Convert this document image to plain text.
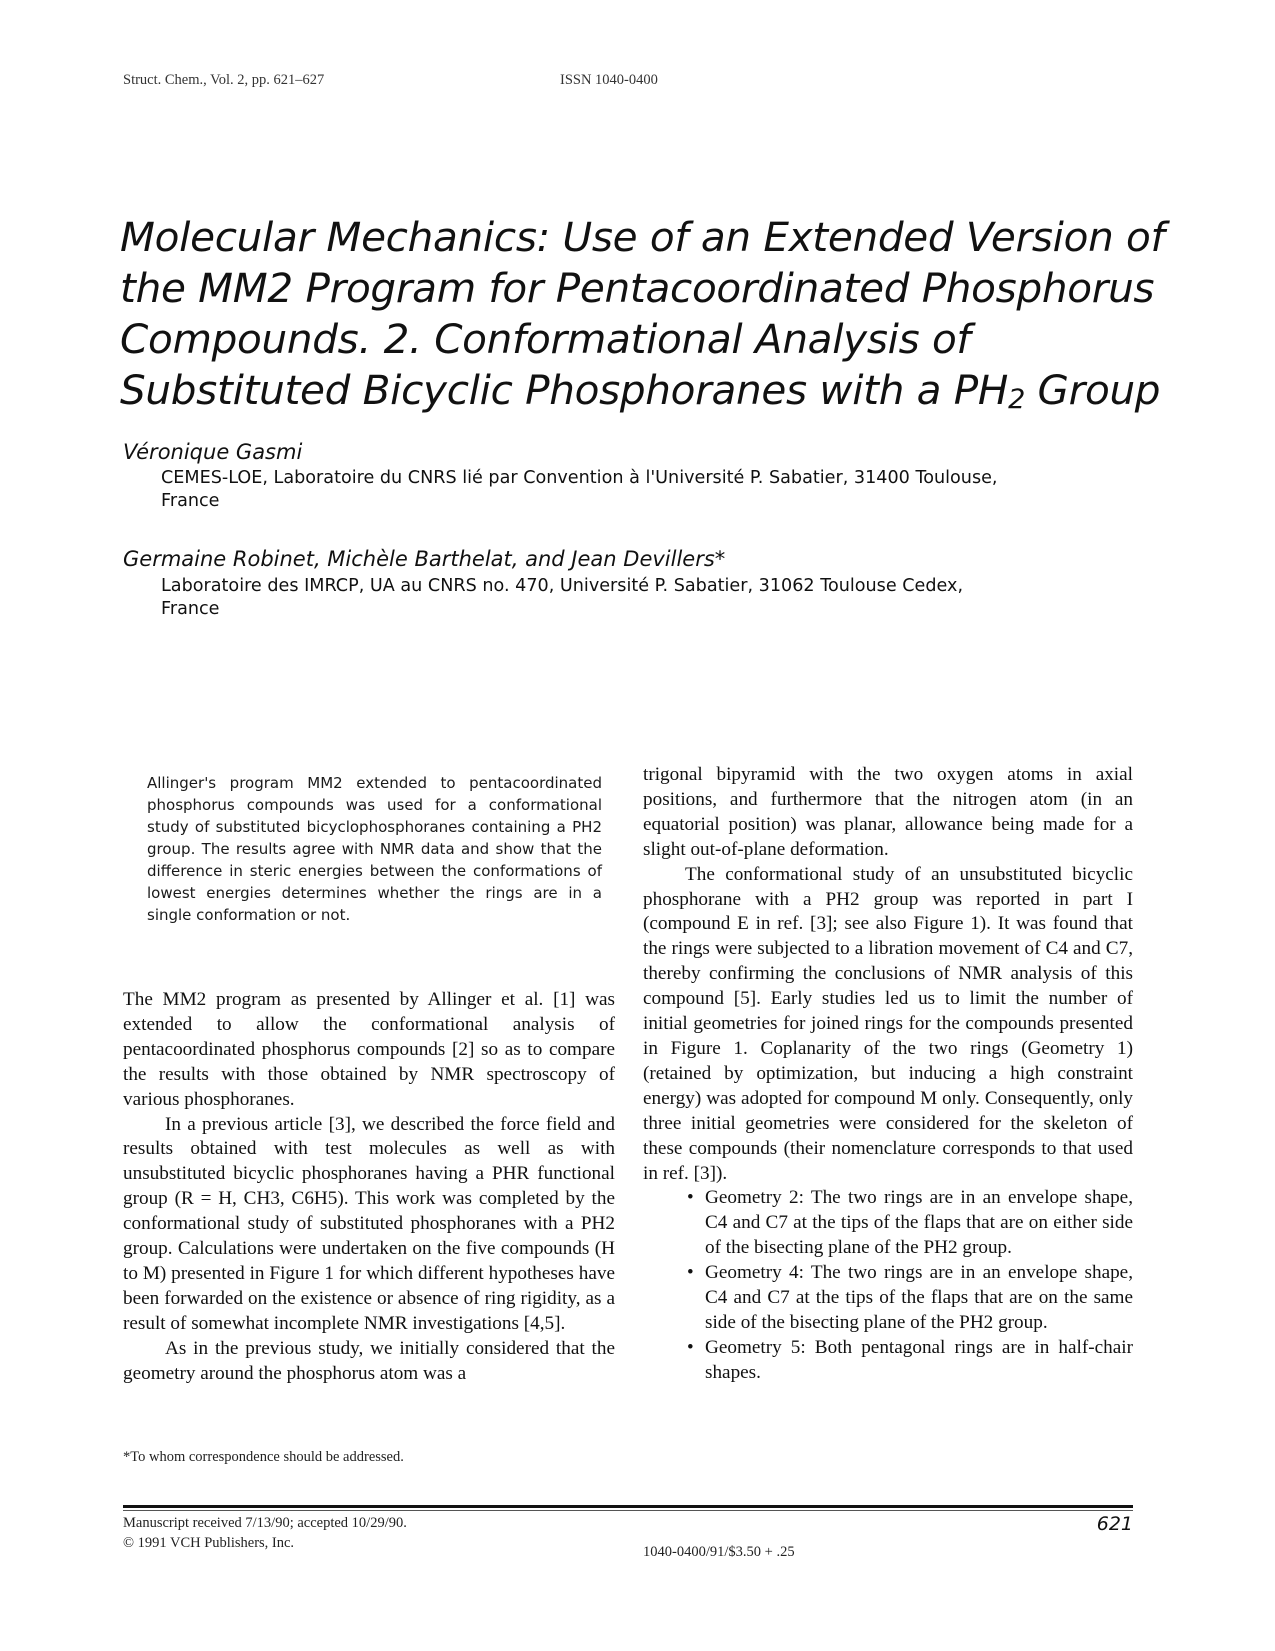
Struct. Chem., Vol. 2, pp. 621–627	ISSN 1040-0400
Molecular Mechanics: Use of an Extended Version of
the MM2 Program for Pentacoordinated Phosphorus
Compounds. 2. Conformational Analysis of
Substituted Bicyclic Phosphoranes with a $PH_2$ Group
Véronique Gasmi
CEMES-LOE, Laboratoire du CNRS lié par Convention à l'Université P. Sabatier, 31400 Toulouse,
France
Germaine Robinet, Michèle Barthelat, and Jean Devillers*
Laboratoire des IMRCP, UA au CNRS no. 470, Université P. Sabatier, 31062 Toulouse Cedex,
France
Allinger's program MM2 extended to pentacoordinated phosphorus compounds was used for a conformational study of substituted bicyclophosphoranes containing a PH2 group. The results agree with NMR data and show that the difference in steric energies between the conformations of lowest energies determines whether the rings are in a single conformation or not.

The MM2 program as presented by Allinger et al. [1] was extended to allow the conformational analysis of pentacoordinated phosphorus compounds [2] so as to compare the results with those obtained by NMR spectroscopy of various phosphoranes.

In a previous article [3], we described the force field and results obtained with test molecules as well as with unsubstituted bicyclic phosphoranes having a PHR functional group (R = H, CH3, C6H5). This work was completed by the conformational study of substituted phosphoranes with a PH2 group. Calculations were undertaken on the five compounds (H to M) presented in Figure 1 for which different hypotheses have been forwarded on the existence or absence of ring rigidity, as a result of somewhat incomplete NMR investigations [4,5].

As in the previous study, we initially considered that the geometry around the phosphorus atom was a

trigonal bipyramid with the two oxygen atoms in axial positions, and furthermore that the nitrogen atom (in an equatorial position) was planar, allowance being made for a slight out-of-plane deformation.

The conformational study of an unsubstituted bicyclic phosphorane with a PH2 group was reported in part I (compound E in ref. [3]; see also Figure 1). It was found that the rings were subjected to a libration movement of C4 and C7, thereby confirming the conclusions of NMR analysis of this compound [5]. Early studies led us to limit the number of initial geometries for joined rings for the compounds presented in Figure 1. Coplanarity of the two rings (Geometry 1) (retained by optimization, but inducing a high constraint energy) was adopted for compound M only. Consequently, only three initial geometries were considered for the skeleton of these compounds (their nomenclature corresponds to that used in ref. [3]).

• Geometry 2: The two rings are in an envelope shape, C4 and C7 at the tips of the flaps that are on either side of the bisecting plane of the PH2 group.
• Geometry 4: The two rings are in an envelope shape, C4 and C7 at the tips of the flaps that are on the same side of the bisecting plane of the PH2 group.
• Geometry 5: Both pentagonal rings are in half-chair shapes.
*To whom correspondence should be addressed.
Manuscript received 7/13/90; accepted 10/29/90.
© 1991 VCH Publishers, Inc.
1040-0400/91/$3.50 + .25
621
